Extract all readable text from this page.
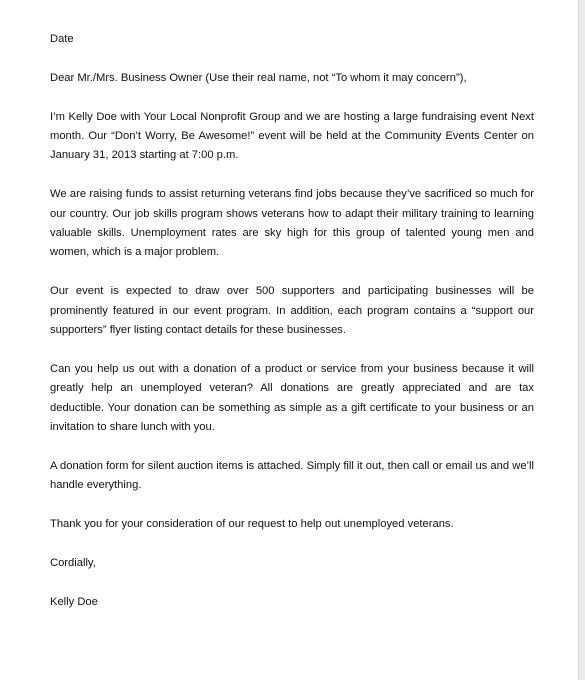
Date

Dear Mr./Mrs. Business Owner (Use their real name, not “To whom it may concern”),

I’m Kelly Doe with Your Local Nonprofit Group and we are hosting a large fundraising event Next month. Our “Don’t Worry, Be Awesome!” event will be held at the Community Events Center on January 31, 2013 starting at 7:00 p.m.

We are raising funds to assist returning veterans find jobs because they’ve sacrificed so much for our country. Our job skills program shows veterans how to adapt their military training to learning valuable skills. Unemployment rates are sky high for this group of talented young men and women, which is a major problem.

Our event is expected to draw over 500 supporters and participating businesses will be prominently featured in our event program. In addition, each program contains a “support our supporters” flyer listing contact details for these businesses.

Can you help us out with a donation of a product or service from your business because it will greatly help an unemployed veteran? All donations are greatly appreciated and are tax deductible. Your donation can be something as simple as a gift certificate to your business or an invitation to share lunch with you.

A donation form for silent auction items is attached. Simply fill it out, then call or email us and we’ll handle everything.

Thank you for your consideration of our request to help out unemployed veterans.

Cordially,

Kelly Doe
